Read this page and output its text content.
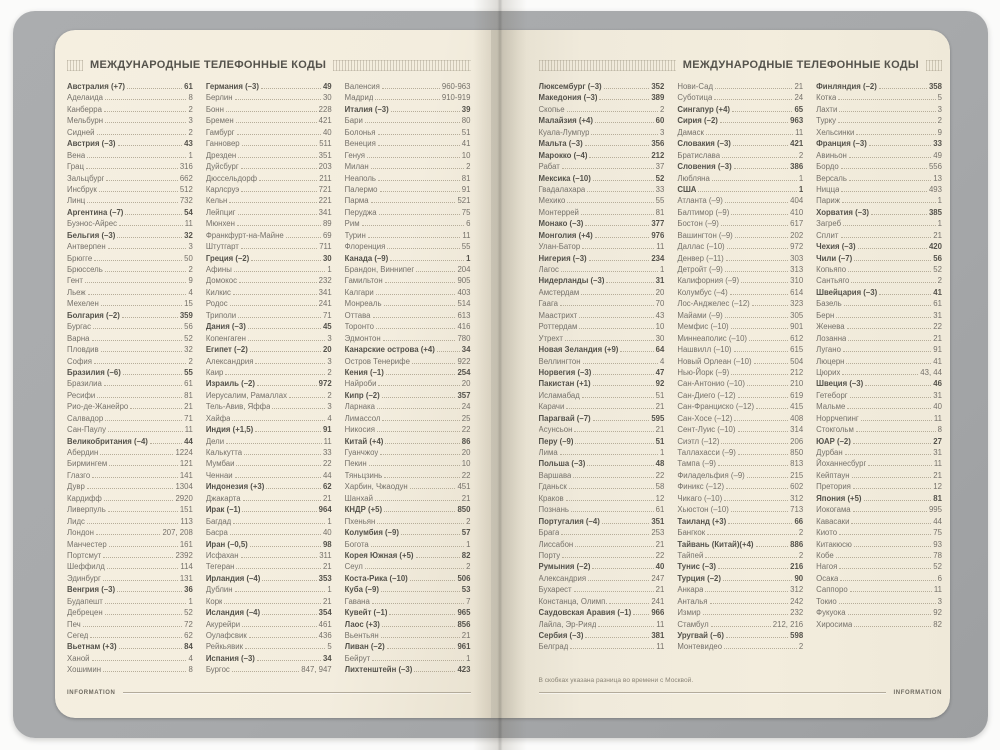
МЕЖДУНАРОДНЫЕ ТЕЛЕФОННЫЕ КОДЫ
Австралия (+7)	61
Аделаида	8
Канберра	2
Мельбурн	3
Сидней	2
Австрия (–3)	43
Вена	1
Грац	316
Зальцбург	662
Инсбрук	512
Линц	732
Аргентина (–7)	54
Буэнос-Айрес	11
Бельгия (–3)	32
Антверпен	3
Брюгге	50
Брюссель	2
Гент	9
Льеж	4
Мехелен	15
Болгария (–2)	359
Бургас	56
Варна	52
Пловдив	32
София	2
Бразилия (–6)	55
Бразилиа	61
Ресифи	81
Рио-де-Жанейро	21
Салвадор	71
Сан-Паулу	11
Великобритания (–4)	44
Абердин	1224
Бирмингем	121
Глазго	141
Дувр	1304
Кардифф	2920
Ливерпуль	151
Лидс	113
Лондон	207, 208
Манчестер	161
Портсмут	2392
Шеффилд	114
Эдинбург	131
Венгрия (–3)	36
Будапешт	1
Дебрецен	52
Печ	72
Сегед	62
Вьетнам (+3)	84
Ханой	4
Хошимин	8
Германия (–3)	49
Берлин	30
Бонн	228
Бремен	421
Гамбург	40
Ганновер	511
Дрезден	351
Дуйсбург	203
Дюссельдорф	211
Карлсруэ	721
Кельн	221
Лейпциг	341
Мюнхен	89
Франкфурт-на-Майне	69
Штутгарт	711
Греция (–2)	30
Афины	1
Домокос	232
Килкис	341
Родос	241
Триполи	71
Дания (–3)	45
Копенгаген	3
Египет (–2)	20
Александрия	3
Каир	2
Израиль (–2)	972
Иерусалим, Рамаллах	2
Тель-Авив, Яффа	3
Хайфа	4
Индия (+1,5)	91
Дели	11
Калькутта	33
Мумбаи	22
Ченнаи	44
Индонезия (+3)	62
Джакарта	21
Ирак (–1)	964
Багдад	1
Басра	40
Иран (–0,5)	98
Исфахан	311
Тегеран	21
Ирландия (–4)	353
Дублин	1
Корк	21
Исландия (–4)	354
Акурейри	461
Оулафсвик	436
Рейкьявик	5
Испания (–3)	34
Бургос	847, 947
Валенсия	960-963
Мадрид	910-919
Италия (–3)	39
Бари	80
Болонья	51
Венеция	41
Генуя	10
Милан	2
Неаполь	81
Палермо	91
Парма	521
Перуджа	75
Рим	6
Турин	11
Флоренция	55
Канада (–9)	1
Брандон, Виннипег	204
Гамильтон	905
Калгари	403
Монреаль	514
Оттава	613
Торонто	416
Эдмонтон	780
Канарские острова (+4)	34
Остров Тенерифе	922
Кения (–1)	254
Найроби	20
Кипр (–2)	357
Ларнака	24
Лимассол	25
Никосия	22
Китай (+4)	86
Гуанчжоу	20
Пекин	10
Тяньцзинь	22
Харбин, Чжаодун	451
Шанхай	21
КНДР (+5)	850
Пхеньян	2
Колумбия (–9)	57
Богота	1
Корея Южная (+5)	82
Сеул	2
Коста-Рика (–10)	506
Куба (–9)	53
Гавана	7
Кувейт (–1)	965
Лаос (+3)	856
Вьентьян	21
Ливан (–2)	961
Бейрут	1
Лихтенштейн (–3)	423
INFORMATION
МЕЖДУНАРОДНЫЕ ТЕЛЕФОННЫЕ КОДЫ
Люксембург (–3)	352
Македония (–3)	389
Скопье	2
Малайзия (+4)	60
Куала-Лумпур	3
Мальта (–3)	356
Марокко (–4)	212
Рабат	37
Мексика (–10)	52
Гвадалахара	33
Мехико	55
Монтеррей	81
Монако (–3)	377
Монголия (+4)	976
Улан-Батор	11
Нигерия (–3)	234
Лагос	1
Нидерланды (–3)	31
Амстердам	20
Гаага	70
Маастрихт	43
Роттердам	10
Утрехт	30
Новая Зеландия (+9)	64
Веллингтон	4
Норвегия (–3)	47
Пакистан (+1)	92
Исламабад	51
Карачи	21
Парагвай (–7)	595
Асунсьон	21
Перу (–9)	51
Лима	1
Польша (–3)	48
Варшава	22
Гданьск	58
Краков	12
Познань	61
Португалия (–4)	351
Брага	253
Лиссабон	21
Порту	22
Румыния (–2)	40
Александрия	247
Бухарест	21
Констанца, Олимп.	241
Саудовская Аравия (–1)	966
Лайла, Эр-Рияд	11
Сербия (–3)	381
Белград	11
Нови-Сад	21
Суботица	24
Сингапур (+4)	65
Сирия (–2)	963
Дамаск	11
Словакия (–3)	421
Братислава	2
Словения (–3)	386
Любляна	1
США	1
Атланта (–9)	404
Балтимор (–9)	410
Бостон (–9)	617
Вашингтон (–9)	202
Даллас (–10)	972
Денвер (–11)	303
Детройт (–9)	313
Калифорния (–9)	310
Колумбус (–4)	614
Лос-Анджелес (–12)	323
Майами (–9)	305
Мемфис (–10)	901
Миннеаполис (–10)	612
Нашвилл (–10)	615
Новый Орлеан (–10)	504
Нью-Йорк (–9)	212
Сан-Антонио (–10)	210
Сан-Диего (–12)	619
Сан-Франциско (–12)	415
Сан-Хосе (–12)	408
Сент-Луис (–10)	314
Сиэтл (–12)	206
Таллахасси (–9)	850
Тампа (–9)	813
Филадельфия (–9)	215
Финикс (–12)	602
Чикаго (–10)	312
Хьюстон (–10)	713
Таиланд (+3)	66
Бангкок	2
Тайвань (Китай)(+4)	886
Тайпей	2
Тунис (–3)	216
Турция (–2)	90
Анкара	312
Анталья	242
Измир	232
Стамбул	212, 216
Уругвай (–6)	598
Монтевидео	2
Финляндия (–2)	358
Котка	5
Лахти	3
Турку	2
Хельсинки	9
Франция (–3)	33
Авиньон	49
Бордо	556
Версаль	13
Ницца	493
Париж	1
Хорватия (–3)	385
Загреб	1
Сплит	21
Чехия (–3)	420
Чили (–7)	56
Копьяпо	52
Сантьяго	2
Швейцария (–3)	41
Базель	61
Берн	31
Женева	22
Лозанна	21
Лугано	91
Люцерн	41
Цюрих	43, 44
Швеция (–3)	46
Гетеборг	31
Мальме	40
Норрчепинг	11
Стокгольм	8
ЮАР (–2)	27
Дурбан	31
Йоханнесбург	11
Кейптаун	21
Претория	12
Япония (+5)	81
Иокогама	995
Кавасаки	44
Киото	75
Китакюсю	93
Кобе	78
Нагоя	52
Осака	6
Саппоро	11
Токио	3
Фукуока	92
Хиросима	82
В скобках указана разница во времени с Москвой.
INFORMATION
